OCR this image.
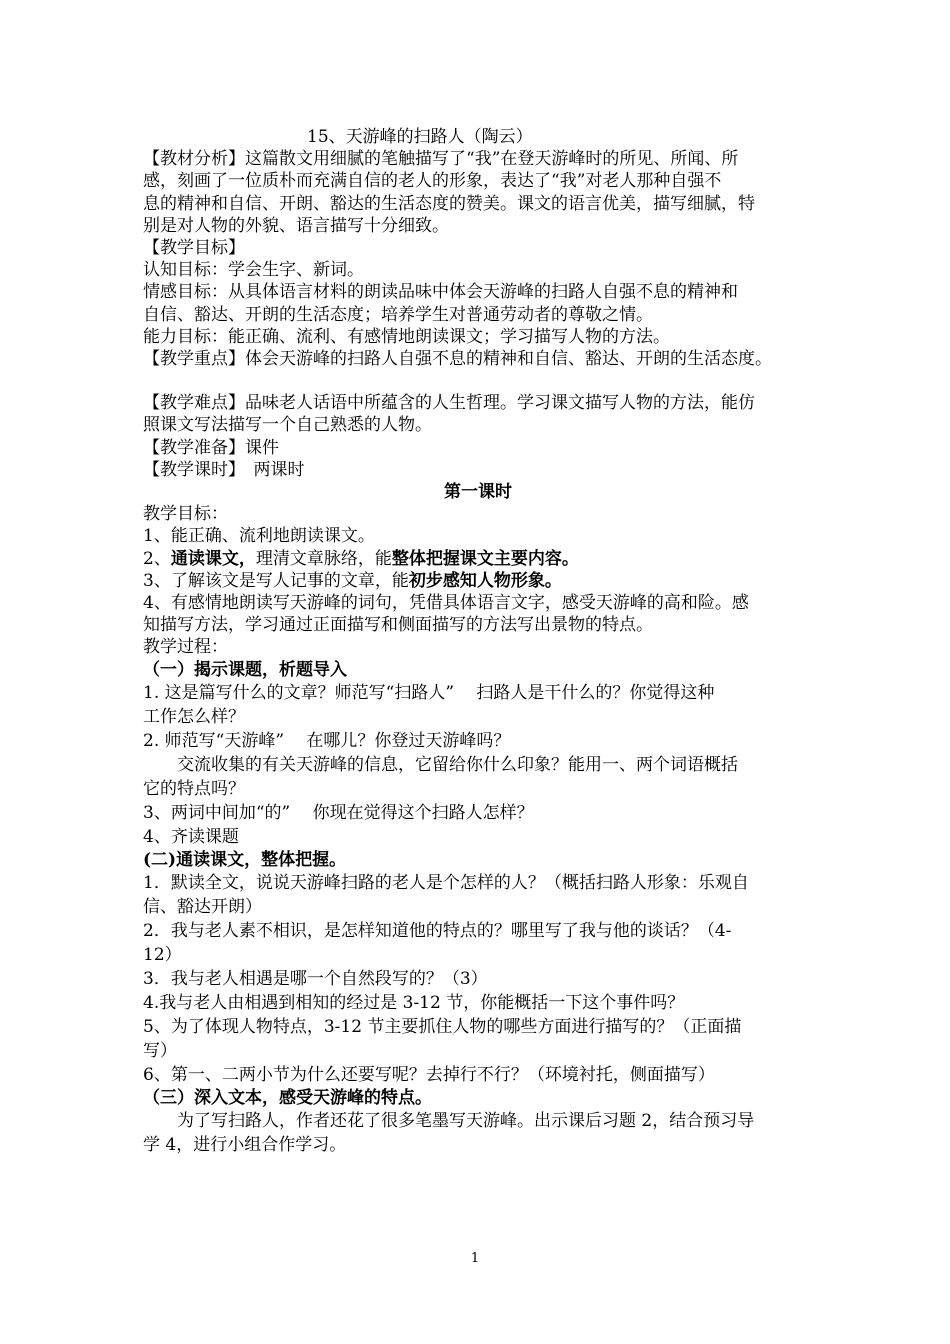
15、天游峰的扫路人（陶云）
【教材分析】这篇散文用细腻的笔触描写了“我”在登天游峰时的所见、所闻、所
感，刻画了一位质朴而充满自信的老人的形象，表达了“我”对老人那种自强不
息的精神和自信、开朗、豁达的生活态度的赞美。课文的语言优美，描写细腻，特
别是对人物的外貌、语言描写十分细致。
【教学目标】
认知目标：学会生字、新词。
情感目标：从具体语言材料的朗读品味中体会天游峰的扫路人自强不息的精神和
自信、豁达、开朗的生活态度；培养学生对普通劳动者的尊敬之情。
能力目标：能正确、流利、有感情地朗读课文；学习描写人物的方法。
【教学重点】体会天游峰的扫路人自强不息的精神和自信、豁达、开朗的生活态度。
【教学难点】品味老人话语中所蕴含的人生哲理。学习课文描写人物的方法，能仿
照课文写法描写一个自己熟悉的人物。
【教学准备】课件
【教学课时】　两课时
第一课时
教学目标：
1、能正确、流利地朗读课文。
2、通读课文，理清文章脉络，能整体把握课文主要内容。
3、了解该文是写人记事的文章，能初步感知人物形象。
4、有感情地朗读写天游峰的词句，凭借具体语言文字，感受天游峰的高和险。感
知描写方法，学习通过正面描写和侧面描写的方法写出景物的特点。
教学过程：
（一）揭示课题，析题导入
1. 这是篇写什么的文章？师范写“扫路人”　 扫路人是干什么的？你觉得这种
工作怎么样？
2. 师范写“天游峰”　 在哪儿？你登过天游峰吗？
交流收集的有关天游峰的信息，它留给你什么印象？能用一、两个词语概括
它的特点吗？
3、两词中间加“的”　 你现在觉得这个扫路人怎样？
4、齐读课题
(二)通读课文，整体把握。
1．默读全文，说说天游峰扫路的老人是个怎样的人？（概括扫路人形象：乐观自
信、豁达开朗）
2．我与老人素不相识，是怎样知道他的特点的？哪里写了我与他的谈话？（4-
12）
3．我与老人相遇是哪一个自然段写的？（3）
4.我与老人由相遇到相知的经过是 3-12 节，你能概括一下这个事件吗？
5、为了体现人物特点，3-12 节主要抓住人物的哪些方面进行描写的？（正面描
写）
6、第一、二两小节为什么还要写呢？去掉行不行？（环境衬托，侧面描写）
（三）深入文本，感受天游峰的特点。
为了写扫路人，作者还花了很多笔墨写天游峰。出示课后习题 2，结合预习导
学 4，进行小组合作学习。
1
